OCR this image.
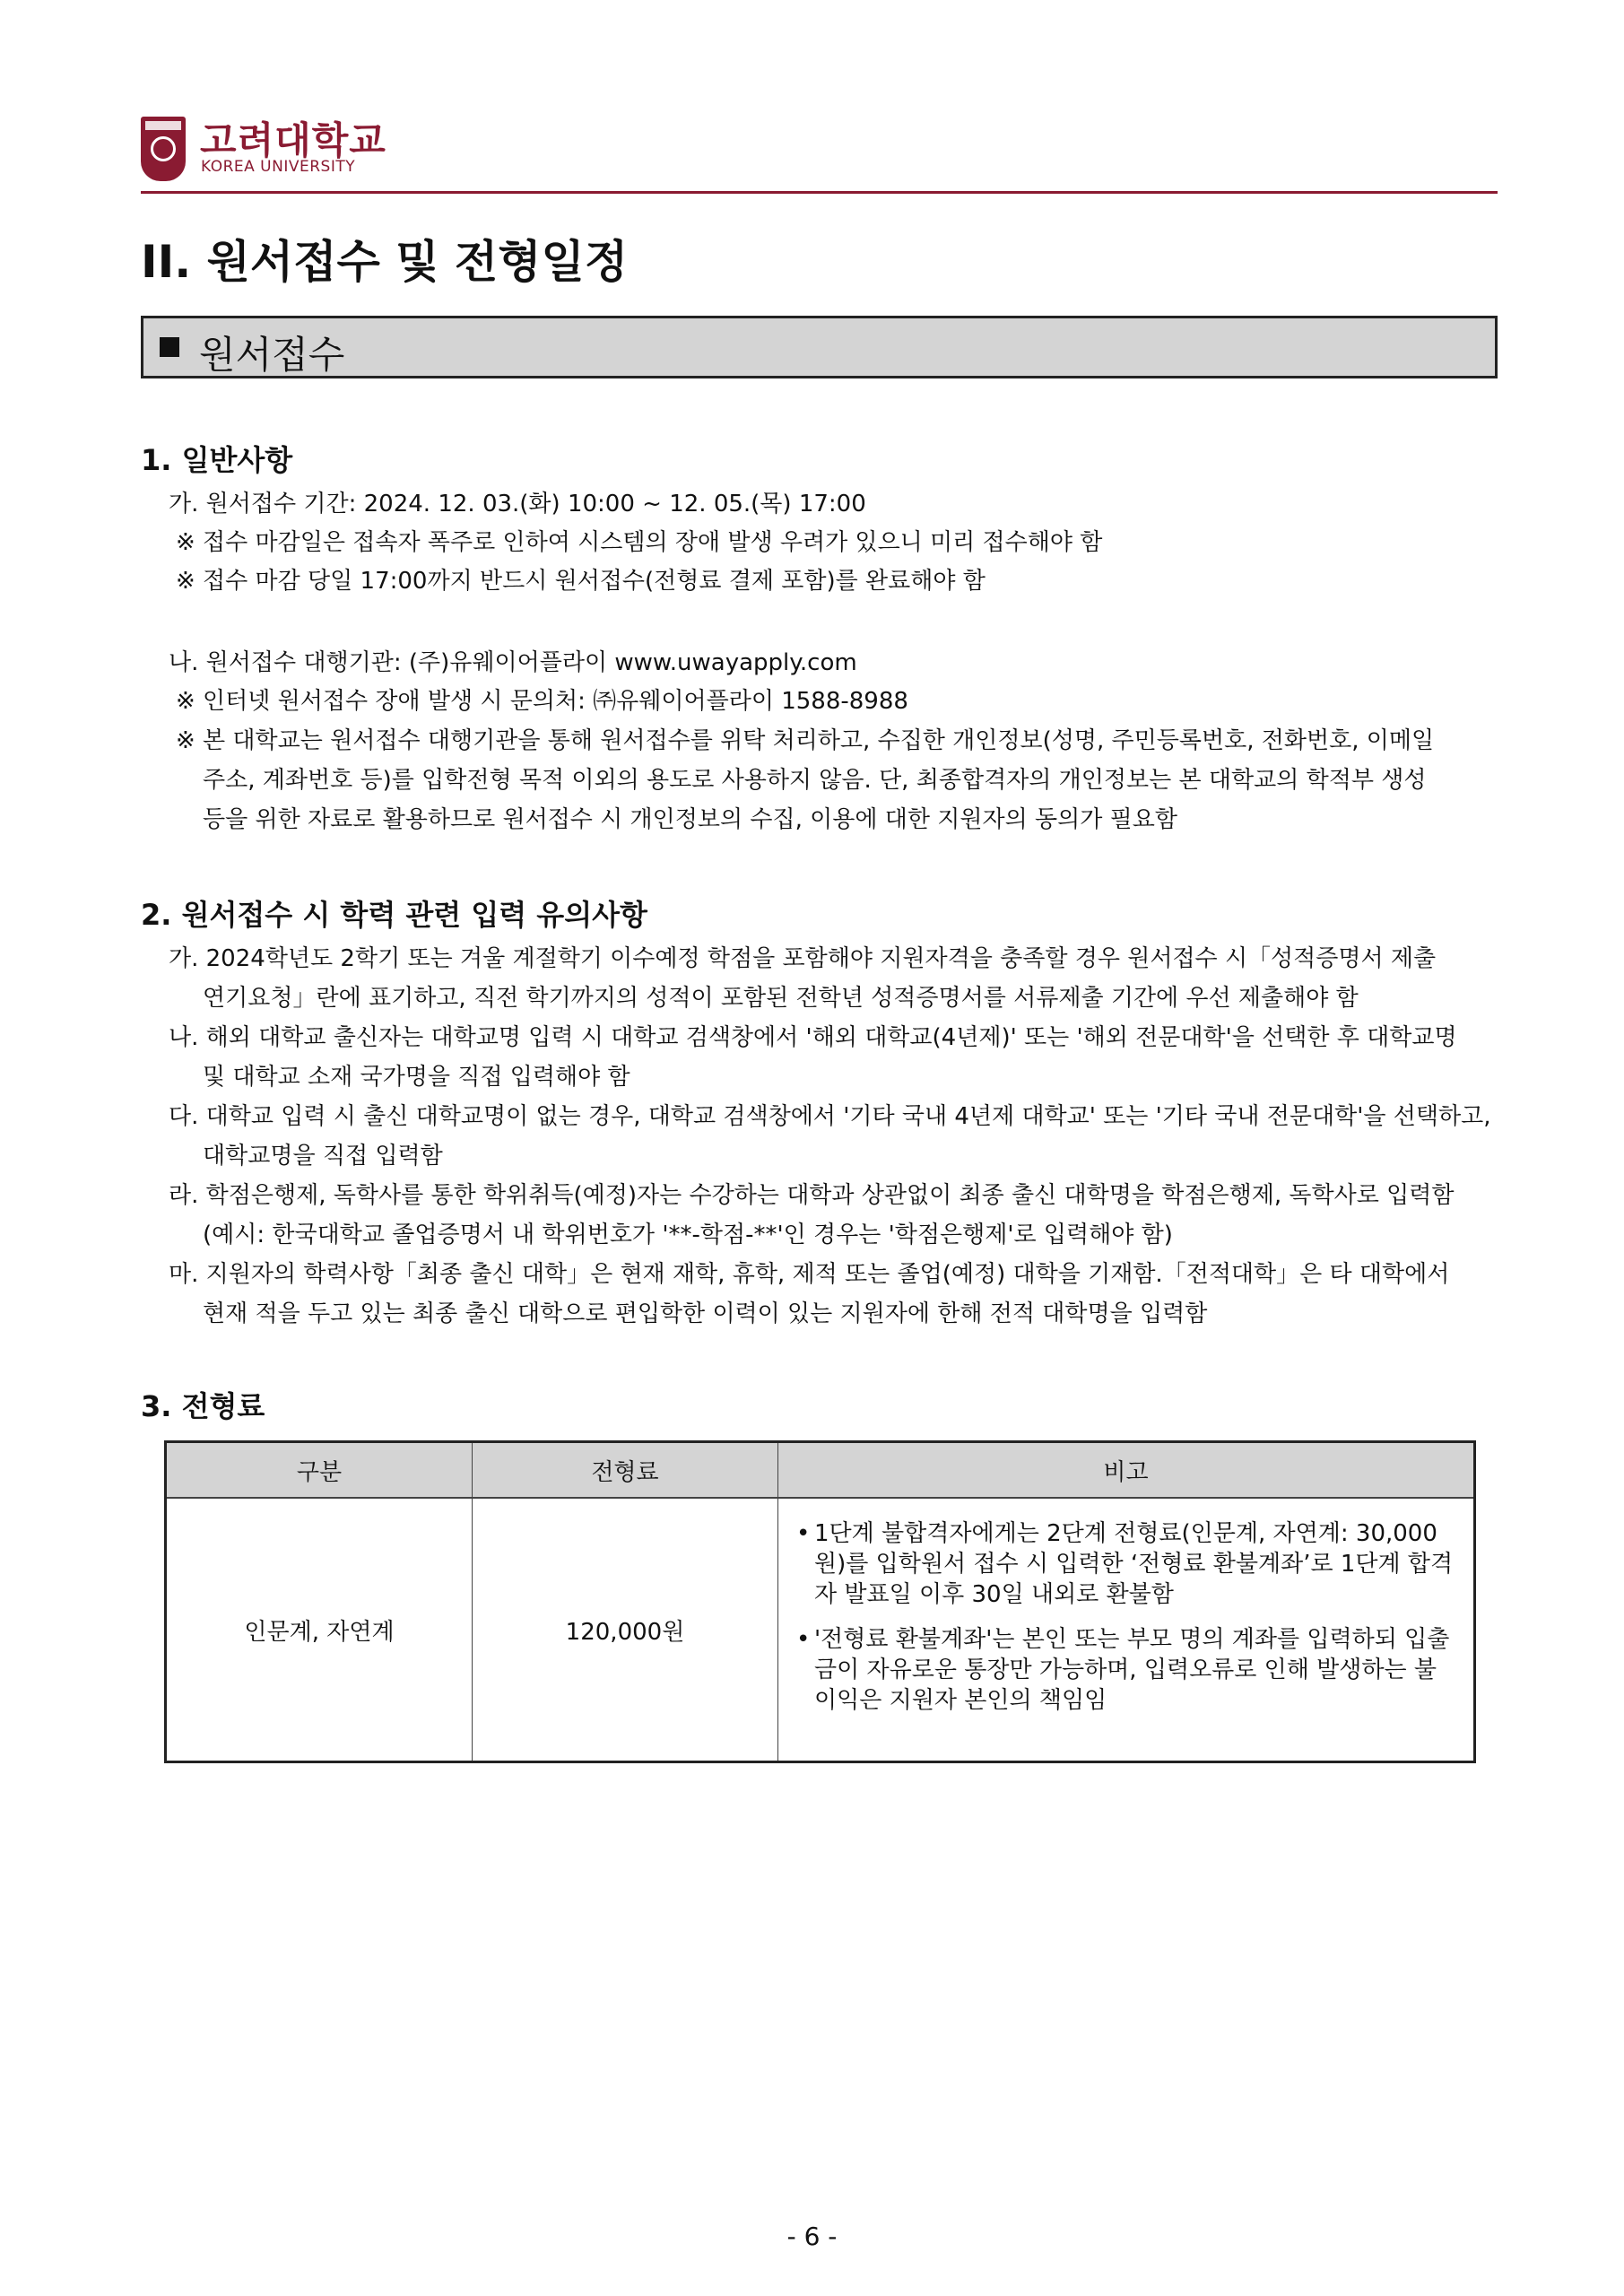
고려대학교
KOREA UNIVERSITY
II. 원서접수 및 전형일정
원서접수
1. 일반사항
가. 원서접수 기간: 2024. 12. 03.(화) 10:00 ~ 12. 05.(목) 17:00
※ 접수 마감일은 접속자 폭주로 인하여 시스템의 장애 발생 우려가 있으니 미리 접수해야 함
※ 접수 마감 당일 17:00까지 반드시 원서접수(전형료 결제 포함)를 완료해야 함
나. 원서접수 대행기관: (주)유웨이어플라이 www.uwayapply.com
※ 인터넷 원서접수 장애 발생 시 문의처: ㈜유웨이어플라이 1588-8988
※ 본 대학교는 원서접수 대행기관을 통해 원서접수를 위탁 처리하고, 수집한 개인정보(성명, 주민등록번호, 전화번호, 이메일
주소, 계좌번호 등)를 입학전형 목적 이외의 용도로 사용하지 않음. 단, 최종합격자의 개인정보는 본 대학교의 학적부 생성
등을 위한 자료로 활용하므로 원서접수 시 개인정보의 수집, 이용에 대한 지원자의 동의가 필요함
2. 원서접수 시 학력 관련 입력 유의사항
가. 2024학년도 2학기 또는 겨울 계절학기 이수예정 학점을 포함해야 지원자격을 충족할 경우 원서접수 시「성적증명서 제출
연기요청」란에 표기하고, 직전 학기까지의 성적이 포함된 전학년 성적증명서를 서류제출 기간에 우선 제출해야 함
나. 해외 대학교 출신자는 대학교명 입력 시 대학교 검색창에서 '해외 대학교(4년제)' 또는 '해외 전문대학'을 선택한 후 대학교명
및 대학교 소재 국가명을 직접 입력해야 함
다. 대학교 입력 시 출신 대학교명이 없는 경우, 대학교 검색창에서 '기타 국내 4년제 대학교' 또는 '기타 국내 전문대학'을 선택하고,
대학교명을 직접 입력함
라. 학점은행제, 독학사를 통한 학위취득(예정)자는 수강하는 대학과 상관없이 최종 출신 대학명을 학점은행제, 독학사로 입력함
(예시: 한국대학교 졸업증명서 내 학위번호가 '**-학점-**'인 경우는 '학점은행제'로 입력해야 함)
마. 지원자의 학력사항「최종 출신 대학」은 현재 재학, 휴학, 제적 또는 졸업(예정) 대학을 기재함.「전적대학」은 타 대학에서
현재 적을 두고 있는 최종 출신 대학으로 편입학한 이력이 있는 지원자에 한해 전적 대학명을 입력함
3. 전형료
구분	전형료	비고
인문계, 자연계	120,000원	• 1단계 불합격자에게는 2단계 전형료(인문계, 자연계: 30,000원)를 입학원서 접수 시 입력한 ‘전형료 환불계좌’로 1단계 합격자 발표일 이후 30일 내외로 환불함
• '전형료 환불계좌'는 본인 또는 부모 명의 계좌를 입력하되 입출금이 자유로운 통장만 가능하며, 입력오류로 인해 발생하는 불이익은 지원자 본인의 책임임
- 6 -
